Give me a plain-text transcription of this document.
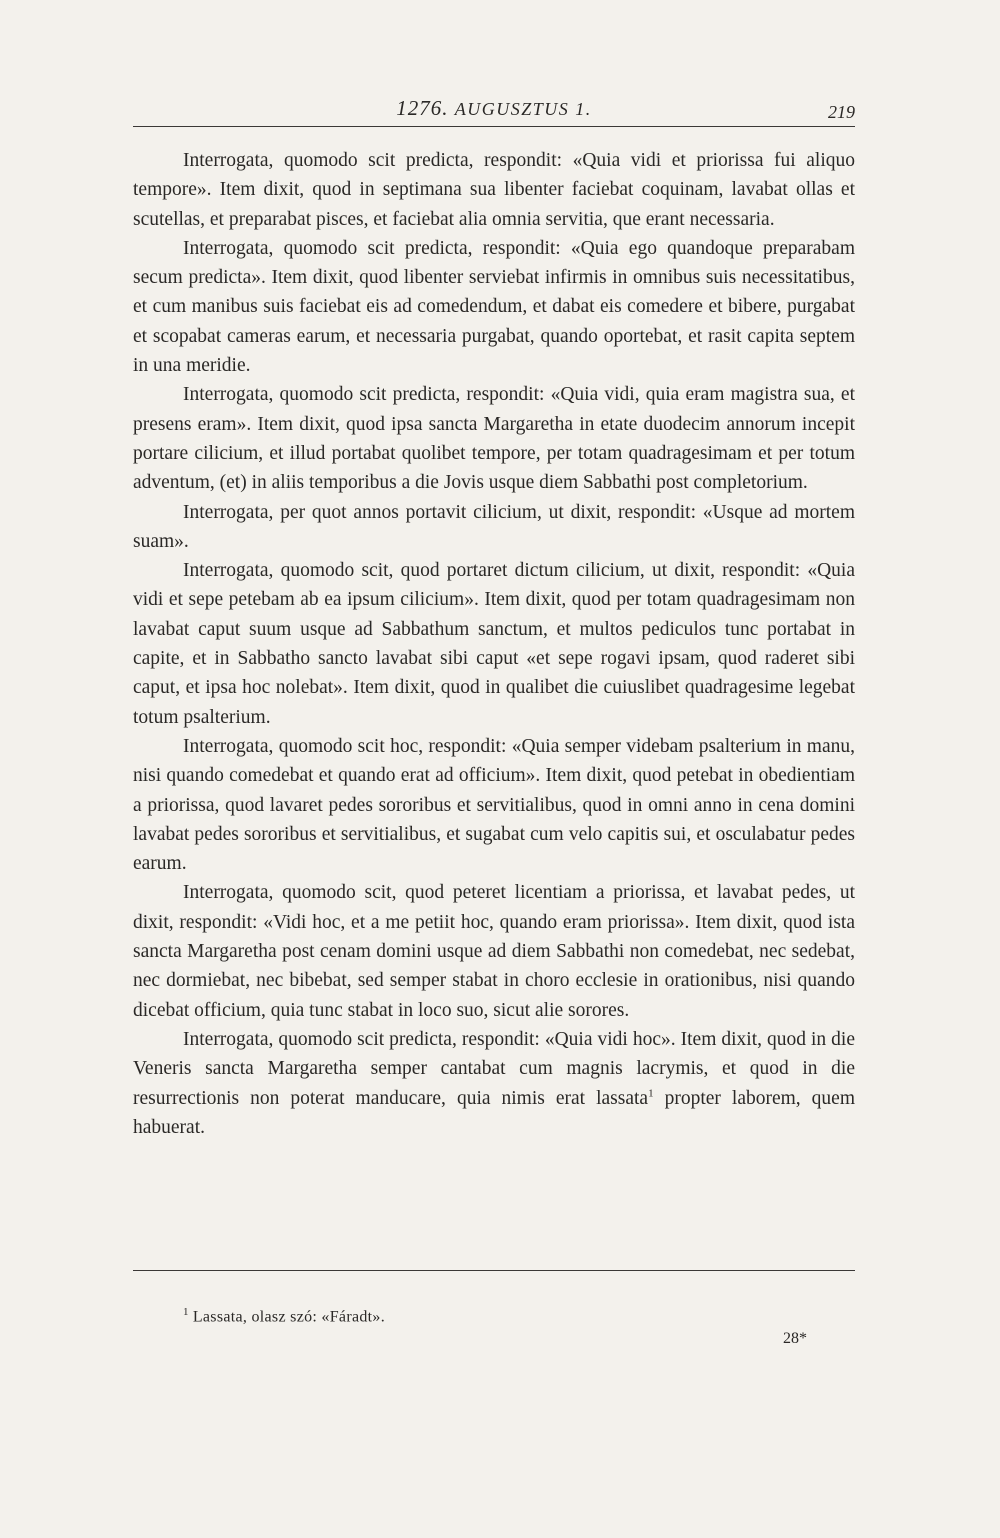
1276. AUGUSZTUS 1.	219

Interrogata, quomodo scit predicta, respondit: «Quia vidi et priorissa fui aliquo tempore». Item dixit, quod in septimana sua libenter faciebat coquinam, lavabat ollas et scutellas, et preparabat pisces, et faciebat alia omnia servitia, que erant necessaria.

Interrogata, quomodo scit predicta, respondit: «Quia ego quandoque preparabam secum predicta». Item dixit, quod libenter serviebat infirmis in omnibus suis necessitatibus, et cum manibus suis faciebat eis ad comedendum, et dabat eis comedere et bibere, purgabat et scopabat cameras earum, et necessaria purgabat, quando oportebat, et rasit capita septem in una meridie.

Interrogata, quomodo scit predicta, respondit: «Quia vidi, quia eram magistra sua, et presens eram». Item dixit, quod ipsa sancta Margaretha in etate duodecim annorum incepit portare cilicium, et illud portabat quolibet tempore, per totam quadragesimam et per totum adventum, (et) in aliis temporibus a die Jovis usque diem Sabbathi post completorium.

Interrogata, per quot annos portavit cilicium, ut dixit, respondit: «Usque ad mortem suam».

Interrogata, quomodo scit, quod portaret dictum cilicium, ut dixit, respondit: «Quia vidi et sepe petebam ab ea ipsum cilicium». Item dixit, quod per totam quadragesimam non lavabat caput suum usque ad Sabbathum sanctum, et multos pediculos tunc portabat in capite, et in Sabbatho sancto lavabat sibi caput «et sepe rogavi ipsam, quod raderet sibi caput, et ipsa hoc nolebat». Item dixit, quod in qualibet die cuiuslibet quadragesime legebat totum psalterium.

Interrogata, quomodo scit hoc, respondit: «Quia semper videbam psalterium in manu, nisi quando comedebat et quando erat ad officium». Item dixit, quod petebat in obedientiam a priorissa, quod lavaret pedes sororibus et servitialibus, quod in omni anno in cena domini lavabat pedes sororibus et servitialibus, et sugabat cum velo capitis sui, et osculabatur pedes earum.

Interrogata, quomodo scit, quod peteret licentiam a priorissa, et lavabat pedes, ut dixit, respondit: «Vidi hoc, et a me petiit hoc, quando eram priorissa». Item dixit, quod ista sancta Margaretha post cenam domini usque ad diem Sabbathi non comedebat, nec sedebat, nec dormiebat, nec bibebat, sed semper stabat in choro ecclesie in orationibus, nisi quando dicebat officium, quia tunc stabat in loco suo, sicut alie sorores.

Interrogata, quomodo scit predicta, respondit: «Quia vidi hoc». Item dixit, quod in die Veneris sancta Margaretha semper cantabat cum magnis lacrymis, et quod in die resurrectionis non poterat manducare, quia nimis erat lassata$^1$ propter laborem, quem habuerat.

$^1$ Lassata, olasz szó: «Fáradt».
28*
